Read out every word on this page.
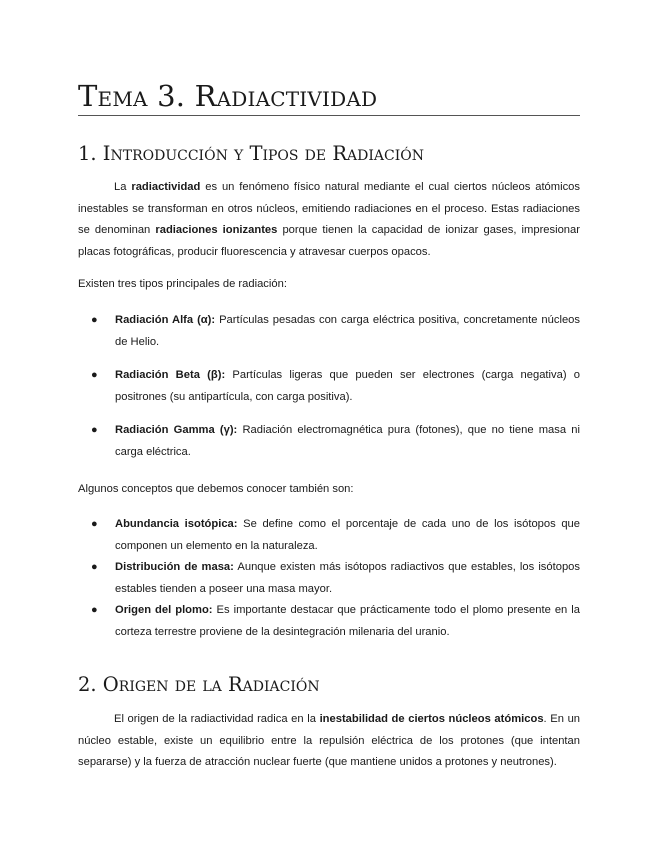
Tema 3. Radiactividad
1. Introducción y Tipos de Radiación

La radiactividad es un fenómeno físico natural mediante el cual ciertos núcleos atómicos inestables se transforman en otros núcleos, emitiendo radiaciones en el proceso. Estas radiaciones se denominan radiaciones ionizantes porque tienen la capacidad de ionizar gases, impresionar placas fotográficas, producir fluorescencia y atravesar cuerpos opacos.

Existen tres tipos principales de radiación:

● Radiación Alfa (α): Partículas pesadas con carga eléctrica positiva, concretamente núcleos de Helio.
● Radiación Beta (β): Partículas ligeras que pueden ser electrones (carga negativa) o positrones (su antipartícula, con carga positiva).
● Radiación Gamma (γ): Radiación electromagnética pura (fotones), que no tiene masa ni carga eléctrica.

Algunos conceptos que debemos conocer también son:

● Abundancia isotópica: Se define como el porcentaje de cada uno de los isótopos que componen un elemento en la naturaleza.
● Distribución de masa: Aunque existen más isótopos radiactivos que estables, los isótopos estables tienden a poseer una masa mayor.
● Origen del plomo: Es importante destacar que prácticamente todo el plomo presente en la corteza terrestre proviene de la desintegración milenaria del uranio.
2. Origen de la Radiación

El origen de la radiactividad radica en la inestabilidad de ciertos núcleos atómicos. En un núcleo estable, existe un equilibrio entre la repulsión eléctrica de los protones (que intentan separarse) y la fuerza de atracción nuclear fuerte (que mantiene unidos a protones y neutrones).
